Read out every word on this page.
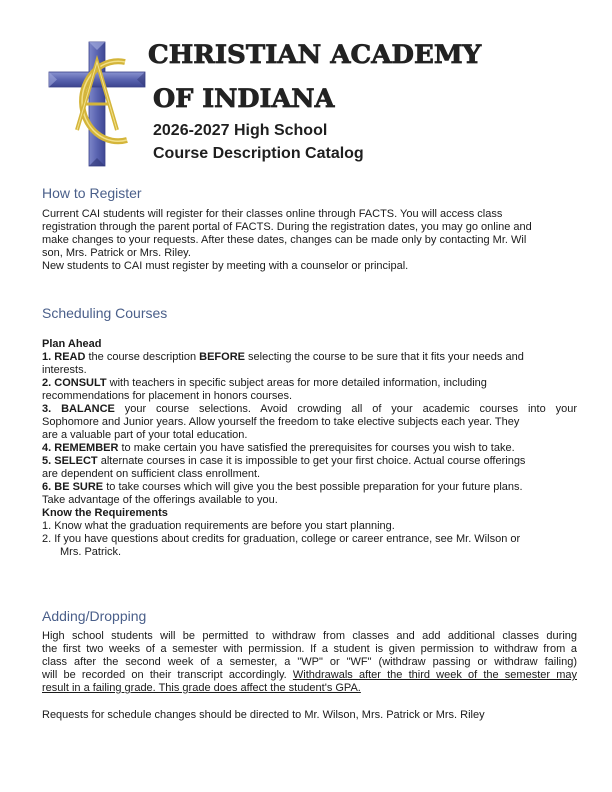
CHRISTIAN ACADEMY
OF INDIANA
2026-2027 High School
Course Description Catalog
How to Register
Current CAI students will register for their classes online through FACTS. You will access class
registration through the parent portal of FACTS. During the registration dates, you may go online and
make changes to your requests. After these dates, changes can be made only by contacting Mr. Wil
son, Mrs. Patrick or Mrs. Riley.
New students to CAI must register by meeting with a counselor or principal.
Scheduling Courses
Plan Ahead
1. READ the course description BEFORE selecting the course to be sure that it fits your needs and
interests.
2. CONSULT with teachers in specific subject areas for more detailed information, including
recommendations for placement in honors courses.
3. BALANCE your course selections. Avoid crowding all of your academic courses into your
Sophomore and Junior years. Allow yourself the freedom to take elective subjects each year. They
are a valuable part of your total education.
4. REMEMBER to make certain you have satisfied the prerequisites for courses you wish to take.
5. SELECT alternate courses in case it is impossible to get your first choice. Actual course offerings
are dependent on sufficient class enrollment.
6. BE SURE to take courses which will give you the best possible preparation for your future plans.
Take advantage of the offerings available to you.
Know the Requirements
1. Know what the graduation requirements are before you start planning.
2. If you have questions about credits for graduation, college or career entrance, see Mr. Wilson or
Mrs. Patrick.
Adding/Dropping
High school students will be permitted to withdraw from classes and add additional classes during
the first two weeks of a semester with permission. If a student is given permission to withdraw from a
class after the second week of a semester, a "WP" or "WF" (withdraw passing or withdraw failing)
will be recorded on their transcript accordingly. Withdrawals after the third week of the semester may
result in a failing grade. This grade does affect the student's GPA.
Requests for schedule changes should be directed to Mr. Wilson, Mrs. Patrick or Mrs. Riley
